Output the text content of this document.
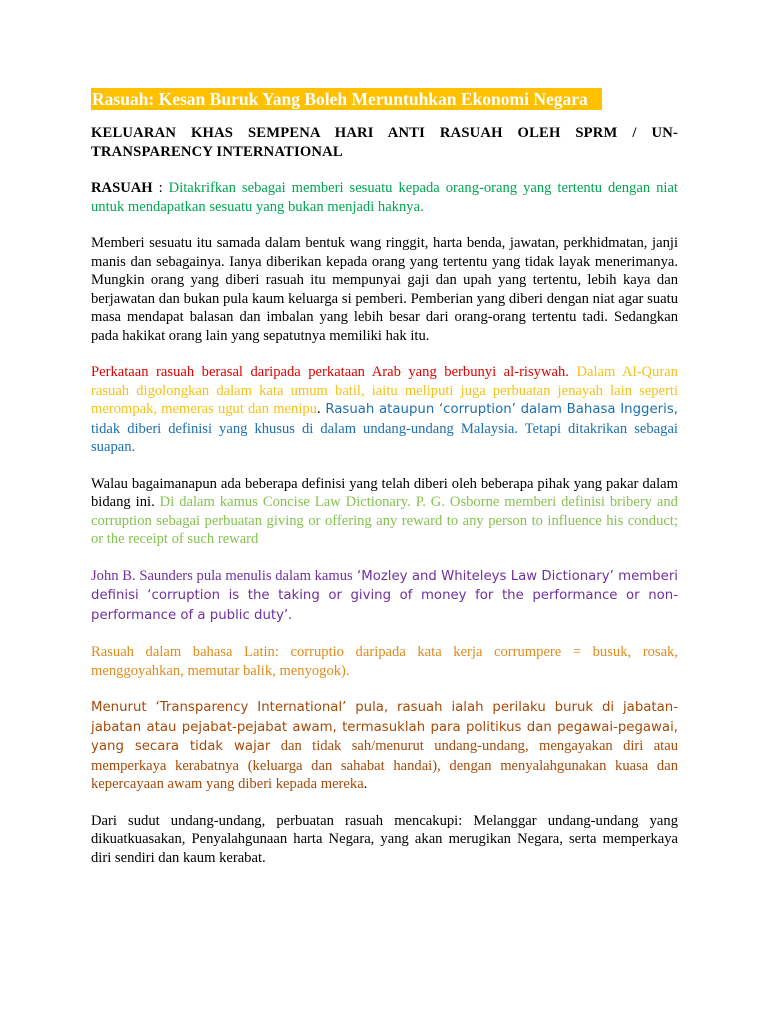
Rasuah: Kesan Buruk Yang Boleh Meruntuhkan Ekonomi Negara

KELUARAN KHAS SEMPENA HARI ANTI RASUAH OLEH SPRM / UN-TRANSPARENCY INTERNATIONAL

RASUAH : Ditakrifkan sebagai memberi sesuatu kepada orang-orang yang tertentu dengan niat untuk mendapatkan sesuatu yang bukan menjadi haknya.

Memberi sesuatu itu samada dalam bentuk wang ringgit, harta benda, jawatan, perkhidmatan, janji manis dan sebagainya. Ianya diberikan kepada orang yang tertentu yang tidak layak menerimanya. Mungkin orang yang diberi rasuah itu mempunyai gaji dan upah yang tertentu, lebih kaya dan berjawatan dan bukan pula kaum keluarga si pemberi. Pemberian yang diberi dengan niat agar suatu masa mendapat balasan dan imbalan yang lebih besar dari orang-orang tertentu tadi. Sedangkan pada hakikat orang lain yang sepatutnya memiliki hak itu.

Perkataan rasuah berasal daripada perkataan Arab yang berbunyi al-risywah. Dalam Al-Quran rasuah digolongkan dalam kata umum batil, iaitu meliputi juga perbuatan jenayah lain seperti merompak, memeras ugut dan menipu. Rasuah ataupun ‘corruption’ dalam Bahasa Inggeris, tidak diberi definisi yang khusus di dalam undang-undang Malaysia. Tetapi ditakrikan sebagai suapan.

Walau bagaimanapun ada beberapa definisi yang telah diberi oleh beberapa pihak yang pakar dalam bidang ini. Di dalam kamus Concise Law Dictionary. P. G. Osborne memberi definisi bribery and corruption sebagai perbuatan giving or offering any reward to any person to influence his conduct; or the receipt of such reward

John B. Saunders pula menulis dalam kamus ‘Mozley and Whiteleys Law Dictionary’ memberi definisi ‘corruption is the taking or giving of money for the performance or non-performance of a public duty’.

Rasuah dalam bahasa Latin: corruptio daripada kata kerja corrumpere = busuk, rosak, menggoyahkan, memutar balik, menyogok).

Menurut ‘Transparency International’ pula, rasuah ialah perilaku buruk di jabatan-jabatan atau pejabat-pejabat awam, termasuklah para politikus dan pegawai-pegawai, yang secara tidak wajar dan tidak sah/menurut undang-undang, mengayakan diri atau memperkaya kerabatnya (keluarga dan sahabat handai), dengan menyalahgunakan kuasa dan kepercayaan awam yang diberi kepada mereka.

Dari sudut undang-undang, perbuatan rasuah mencakupi: Melanggar undang-undang yang dikuatkuasakan, Penyalahgunaan harta Negara, yang akan merugikan Negara, serta memperkaya diri sendiri dan kaum kerabat.
